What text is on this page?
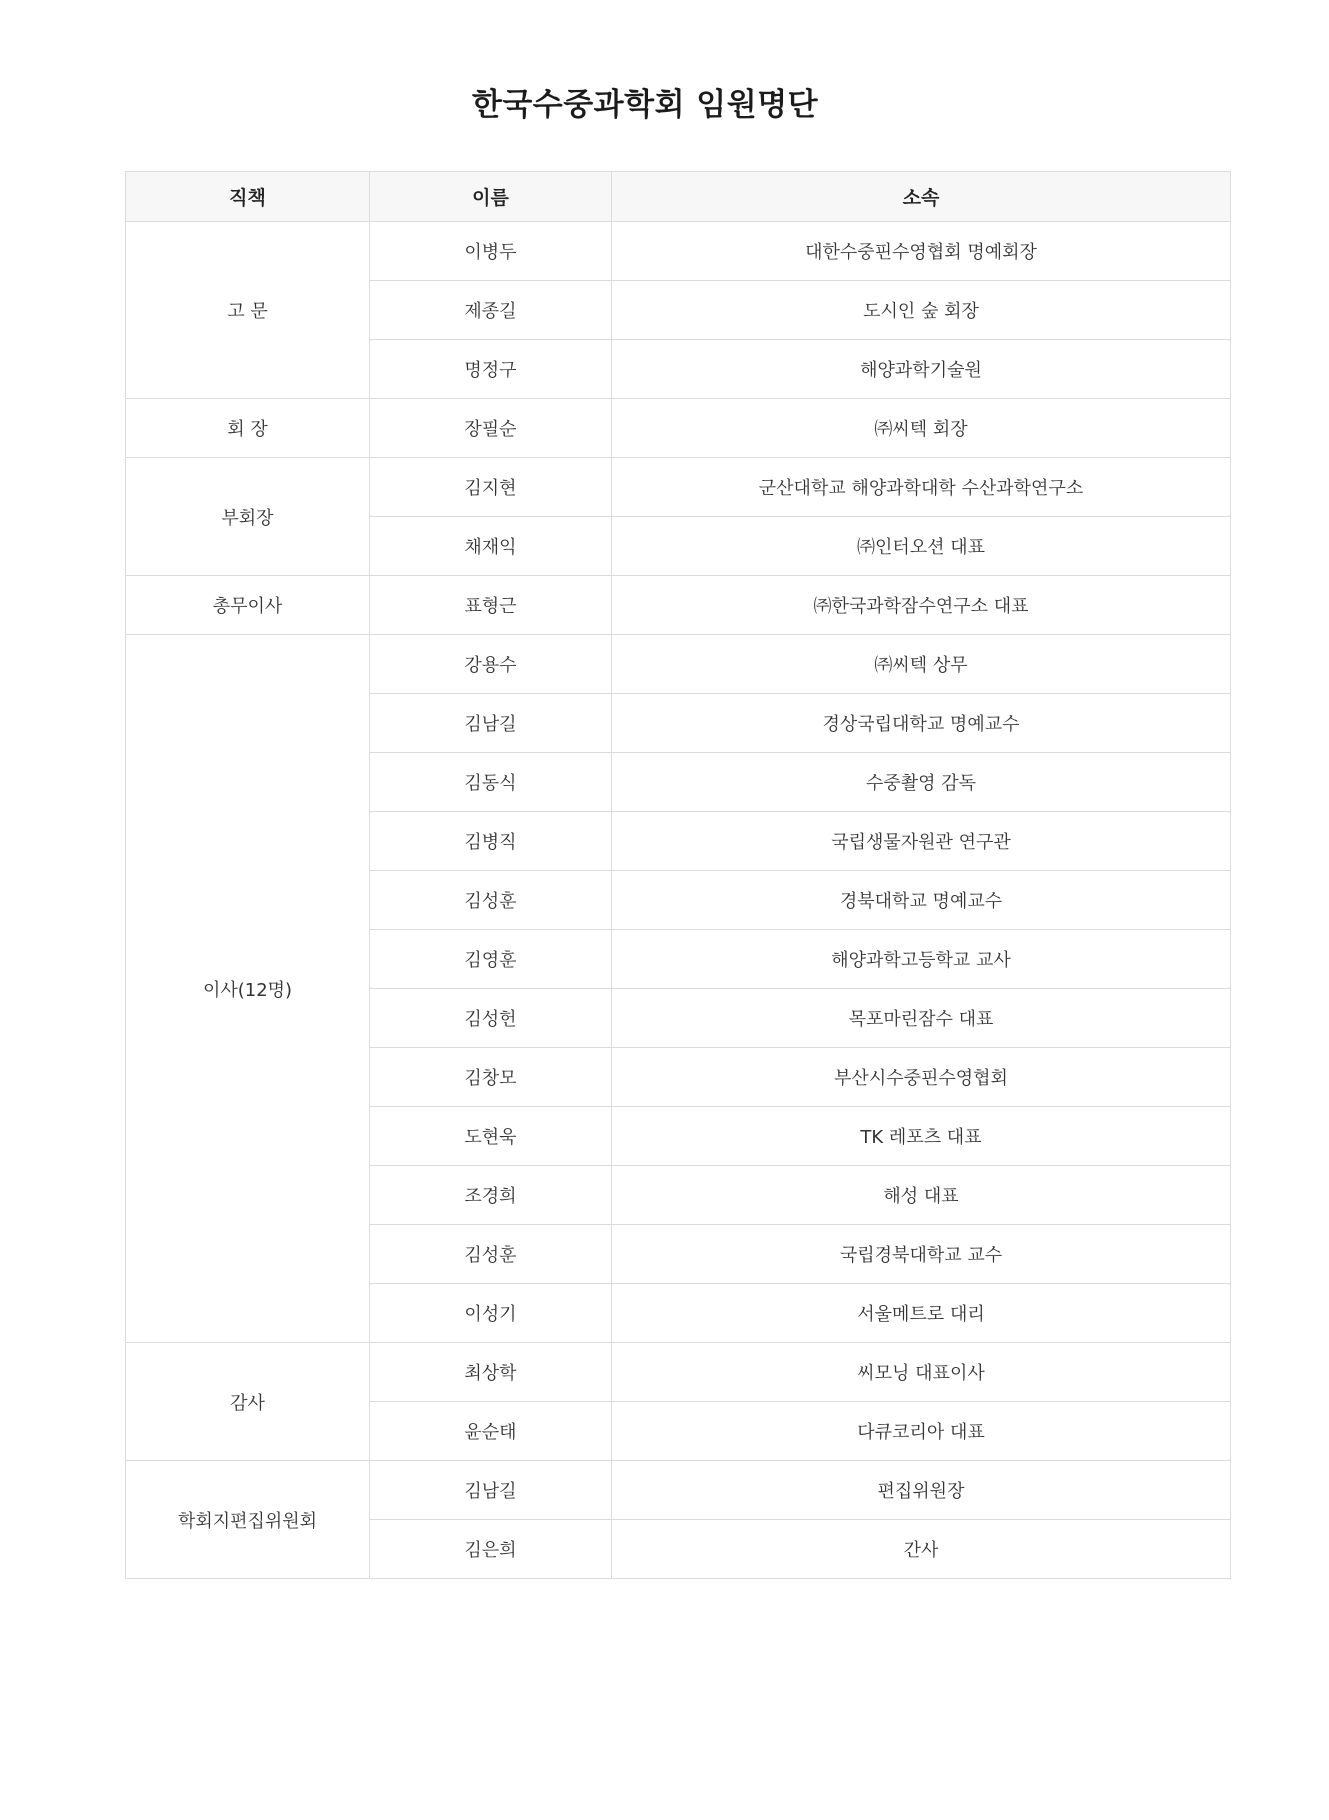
한국수중과학회 임원명단
직책	이름	소속
고 문	이병두	대한수중핀수영협회 명예회장
	제종길	도시인 숲 회장
	명정구	해양과학기술원
회 장	장필순	㈜씨텍 회장
부회장	김지현	군산대학교 해양과학대학 수산과학연구소
	채재익	㈜인터오션 대표
총무이사	표형근	㈜한국과학잠수연구소 대표
이사(12명)	강용수	㈜씨텍 상무
	김남길	경상국립대학교 명예교수
	김동식	수중촬영 감독
	김병직	국립생물자원관 연구관
	김성훈	경북대학교 명예교수
	김영훈	해양과학고등학교 교사
	김성헌	목포마린잠수 대표
	김창모	부산시수중핀수영협회
	도현욱	TK 레포츠 대표
	조경희	해성 대표
	김성훈	국립경북대학교 교수
	이성기	서울메트로 대리
감사	최상학	씨모닝 대표이사
	윤순태	다큐코리아 대표
학회지편집위원회	김남길	편집위원장
	김은희	간사
